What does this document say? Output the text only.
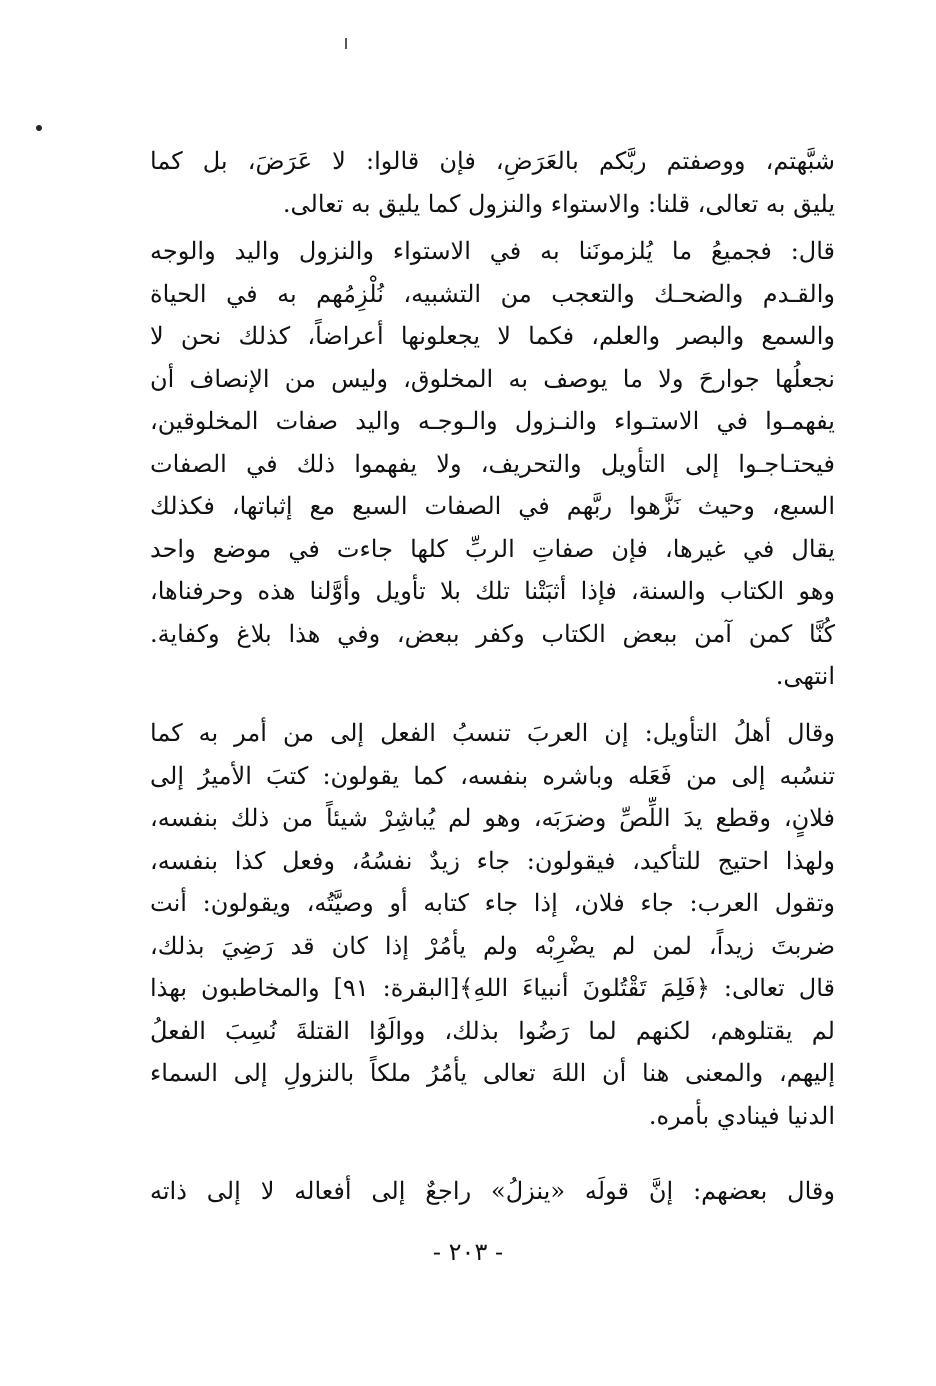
شبَّهتم، ووصفتم ربَّكم بالعَرَضِ، فإن قالوا: لا عَرَضَ، بل كما
يليق به تعالى، قلنا: والاستواء والنزول كما يليق به تعالى.
قال: فجميعُ ما يُلزمونَنا به في الاستواء والنزول واليد والوجه
والقـدم والضحـك والتعجب من التشبيه، نُلْزِمُهم به في الحياة
والسمع والبصر والعلم، فكما لا يجعلونها أعراضاً، كذلك نحن لا
نجعلُها جوارحَ ولا ما يوصف به المخلوق، وليس من الإنصاف أن
يفهمـوا في الاستـواء والنـزول والـوجـه واليد صفات المخلوقين،
فيحتـاجـوا إلى التأويل والتحريف، ولا يفهموا ذلك في الصفات
السبع، وحيث نَزَّهوا ربَّهم في الصفات السبع مع إثباتها، فكذلك
يقال في غيرها، فإن صفاتِ الربِّ كلها جاءت في موضع واحد
وهو الكتاب والسنة، فإذا أثبَتْنا تلك بلا تأويل وأوَّلنا هذه وحرفناها،
كُنَّا كمن آمن ببعض الكتاب وكفر ببعض، وفي هذا بلاغ وكفاية.
انتهى.
وقال أهلُ التأويل: إن العربَ تنسبُ الفعل إلى من أمر به كما
تنسُبه إلى من فَعَله وباشره بنفسه، كما يقولون: كتبَ الأميرُ إلى
فلانٍ، وقطع يدَ اللِّصِّ وضرَبَه، وهو لم يُباشِرْ شيئاً من ذلك بنفسه،
ولهذا احتيج للتأكيد، فيقولون: جاء زيدٌ نفسُهُ، وفعل كذا بنفسه،
وتقول العرب: جاء فلان، إذا جاء كتابه أو وصيَّتُه، ويقولون: أنت
ضربتَ زيداً، لمن لم يضْرِبْه ولم يأمُرْ إذا كان قد رَضِيَ بذلك،
قال تعالى: ﴿فَلِمَ تَقْتُلونَ أنبياءَ اللهِ﴾[البقرة: ٩١] والمخاطبون بهذا
لم يقتلوهم، لكنهم لما رَضُوا بذلك، ووالَوُا القتلةَ نُسِبَ الفعلُ
إليهم، والمعنى هنا أن اللهَ تعالى يأمُرُ ملكاً بالنزولِ إلى السماء
الدنيا فينادي بأمره.
وقال بعضهم: إنَّ قولَه «ينزلُ» راجعٌ إلى أفعاله لا إلى ذاته
- ٢٠٣ -
